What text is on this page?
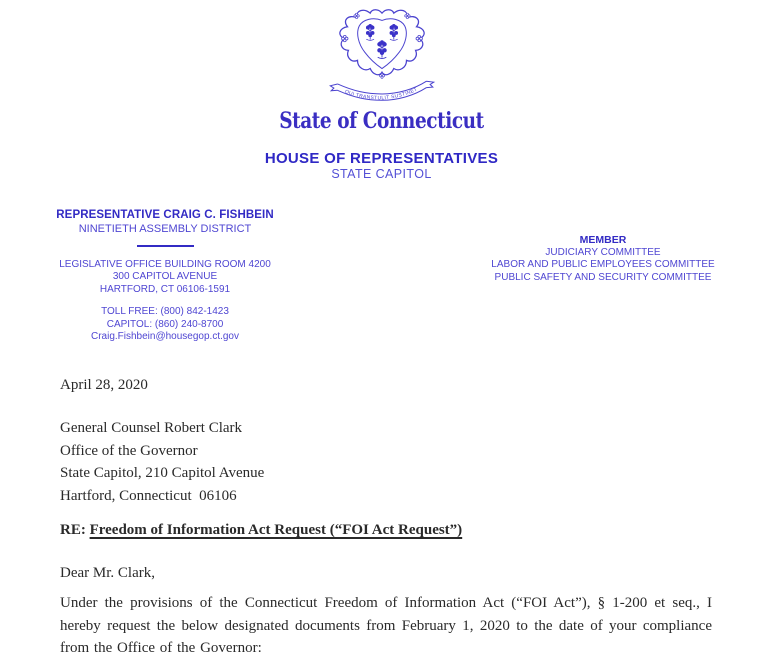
QUI TRANSTULIT SUSTINET
State of Connecticut
HOUSE OF REPRESENTATIVES
STATE CAPITOL
REPRESENTATIVE CRAIG C. FISHBEIN
NINETIETH ASSEMBLY DISTRICT
LEGISLATIVE OFFICE BUILDING ROOM 4200
300 CAPITOL AVENUE
HARTFORD, CT 06106-1591
TOLL FREE: (800) 842-1423
CAPITOL: (860) 240-8700
Craig.Fishbein@housegop.ct.gov
MEMBER
JUDICIARY COMMITTEE
LABOR AND PUBLIC EMPLOYEES COMMITTEE
PUBLIC SAFETY AND SECURITY COMMITTEE
April 28, 2020
General Counsel Robert Clark
Office of the Governor
State Capitol, 210 Capitol Avenue
Hartford, Connecticut  06106
RE: Freedom of Information Act Request (“FOI Act Request”)
Dear Mr. Clark,

Under the provisions of the Connecticut Freedom of Information Act (“FOI Act”), § 1-200 et seq., I hereby request the below designated documents from February 1, 2020 to the date of your compliance from the Office of the Governor:
